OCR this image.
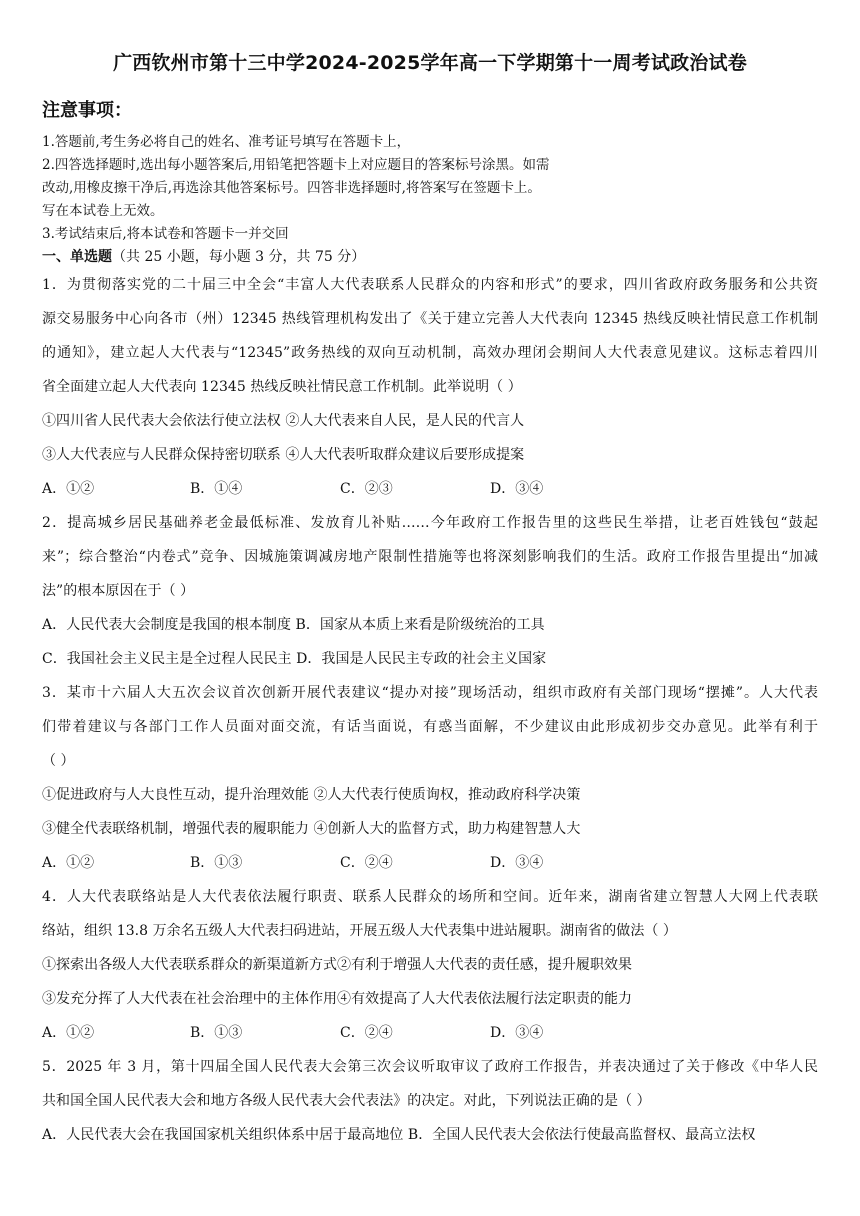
广西钦州市第十三中学2024-2025学年高一下学期第十一周考试政治试卷
注意事项：
1.答题前,考生务必将自己的姓名、准考证号填写在答题卡上，
2.四答选择题时,选出每小题答案后,用铅笔把答题卡上对应题目的答案标号涂黑。如需
改动,用橡皮擦干净后,再选涂其他答案标号。四答非选择题时,将答案写在签题卡上。
写在本试卷上无效。
3.考试结束后,将本试卷和答题卡一并交回
一、单选题（共 25 小题，每小题 3 分，共 75 分）
1．为贯彻落实党的二十届三中全会“丰富人大代表联系人民群众的内容和形式”的要求，四川省政府政务服务和公共资
源交易服务中心向各市（州）12345 热线管理机构发出了《关于建立完善人大代表向 12345 热线反映社情民意工作机制
的通知》，建立起人大代表与“12345”政务热线的双向互动机制，高效办理闭会期间人大代表意见建议。这标志着四川
省全面建立起人大代表向 12345 热线反映社情民意工作机制。此举说明（ ）
①四川省人民代表大会依法行使立法权 ②人大代表来自人民，是人民的代言人
③人大代表应与人民群众保持密切联系 ④人大代表听取群众建议后要形成提案
A．①②	B．①④	C．②③	D．③④
2．提高城乡居民基础养老金最低标准、发放育儿补贴……今年政府工作报告里的这些民生举措，让老百姓钱包“鼓起
来”；综合整治“内卷式”竞争、因城施策调减房地产限制性措施等也将深刻影响我们的生活。政府工作报告里提出“加减
法”的根本原因在于（ ）
A．人民代表大会制度是我国的根本制度 B．国家从本质上来看是阶级统治的工具
C．我国社会主义民主是全过程人民民主 D．我国是人民民主专政的社会主义国家
3．某市十六届人大五次会议首次创新开展代表建议“提办对接”现场活动，组织市政府有关部门现场“摆摊”。人大代表
们带着建议与各部门工作人员面对面交流，有话当面说，有惑当面解，不少建议由此形成初步交办意见。此举有利于
（ ）
①促进政府与人大良性互动，提升治理效能 ②人大代表行使质询权，推动政府科学决策
③健全代表联络机制，增强代表的履职能力 ④创新人大的监督方式，助力构建智慧人大
A．①②	B．①③	C．②④	D．③④
4．人大代表联络站是人大代表依法履行职责、联系人民群众的场所和空间。近年来，湖南省建立智慧人大网上代表联
络站，组织 13.8 万余名五级人大代表扫码进站，开展五级人大代表集中进站履职。湖南省的做法（ ）
①探索出各级人大代表联系群众的新渠道新方式②有利于增强人大代表的责任感，提升履职效果
③发充分挥了人大代表在社会治理中的主体作用④有效提高了人大代表依法履行法定职责的能力
A．①②	B．①③	C．②④	D．③④
5．2025 年 3 月，第十四届全国人民代表大会第三次会议听取审议了政府工作报告，并表决通过了关于修改《中华人民
共和国全国人民代表大会和地方各级人民代表大会代表法》的决定。对此，下列说法正确的是（ ）
A．人民代表大会在我国国家机关组织体系中居于最高地位 B．全国人民代表大会依法行使最高监督权、最高立法权
